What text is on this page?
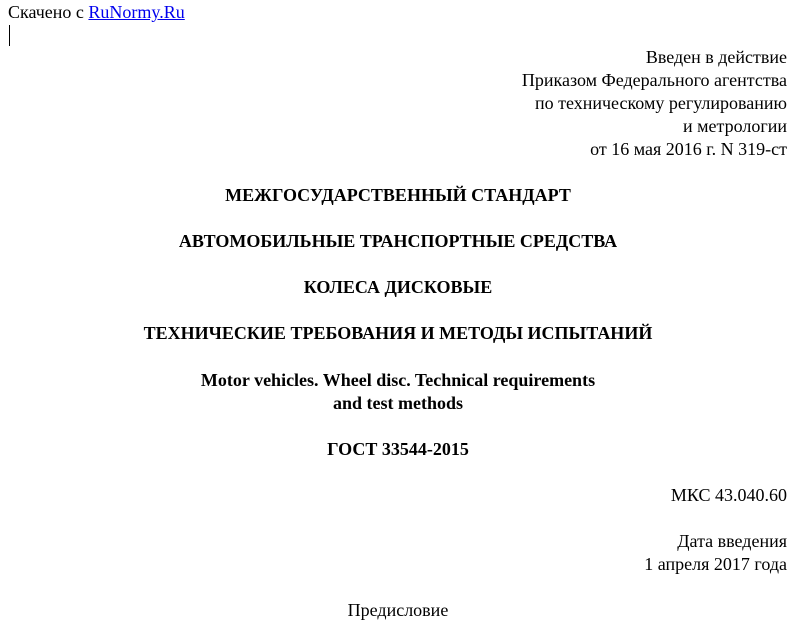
Скачено с RuNormy.Ru
Введен в действие
Приказом Федерального агентства
по техническому регулированию
и метрологии
от 16 мая 2016 г. N 319-ст
МЕЖГОСУДАРСТВЕННЫЙ СТАНДАРТ
АВТОМОБИЛЬНЫЕ ТРАНСПОРТНЫЕ СРЕДСТВА
КОЛЕСА ДИСКОВЫЕ
ТЕХНИЧЕСКИЕ ТРЕБОВАНИЯ И МЕТОДЫ ИСПЫТАНИЙ
Motor vehicles. Wheel disc. Technical requirements
and test methods
ГОСТ 33544-2015
МКС 43.040.60
Дата введения
1 апреля 2017 года
Предисловие
